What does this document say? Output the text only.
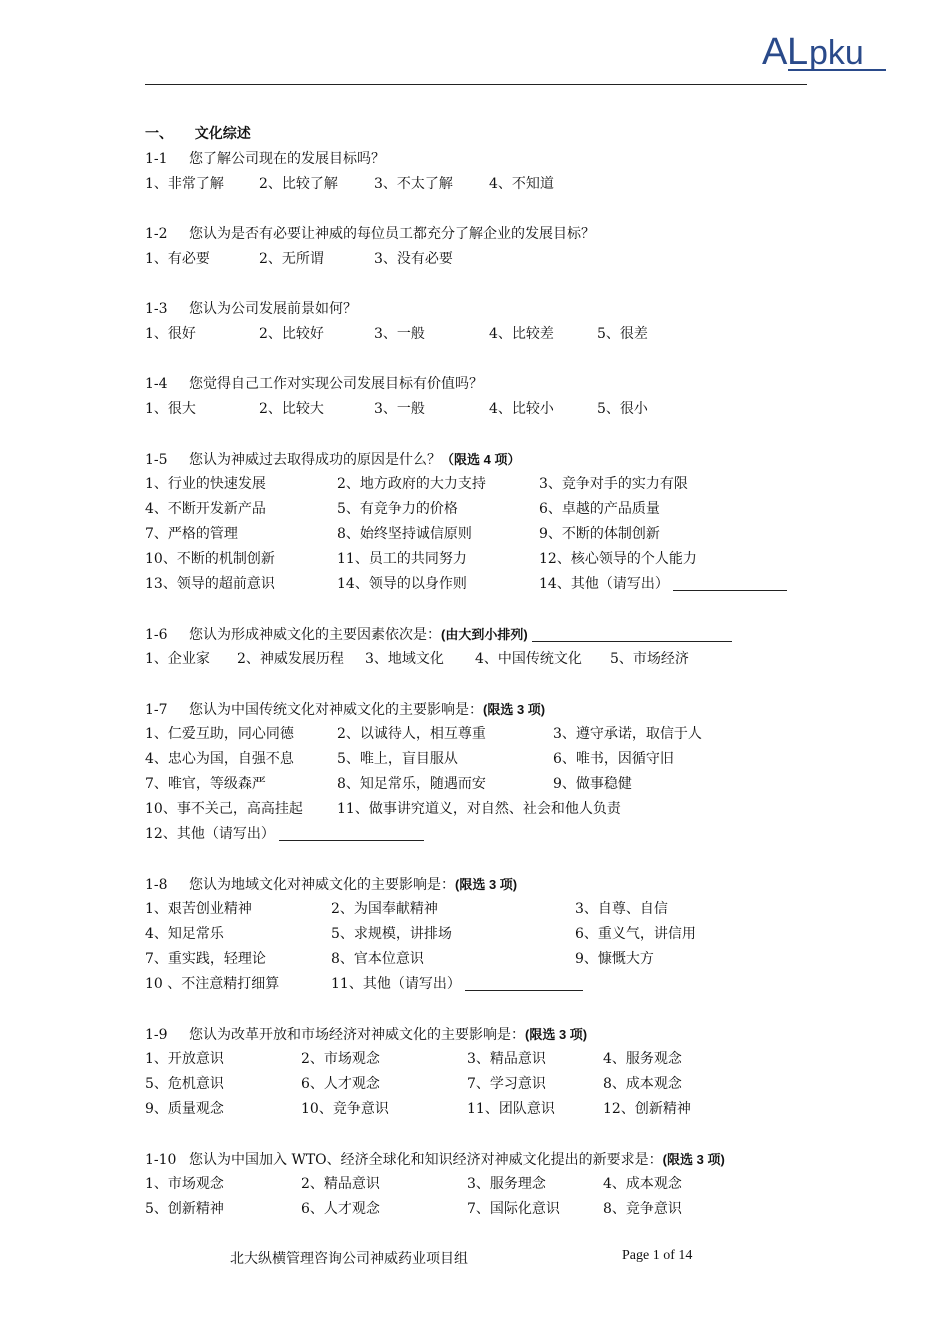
A L pku
一、 文化综述
1-1 您了解公司现在的发展目标吗？
1、非常了解	2、比较了解	3、不太了解	4、不知道
1-2 您认为是否有必要让神威的每位员工都充分了解企业的发展目标？
1、有必要	2、无所谓	3、没有必要
1-3 您认为公司发展前景如何？
1、很好	2、比较好	3、一般	4、比较差	5、很差
1-4 您觉得自己工作对实现公司发展目标有价值吗？
1、很大	2、比较大	3、一般	4、比较小	5、很小
1-5 您认为神威过去取得成功的原因是什么？（限选 4 项）
1、行业的快速发展	2、地方政府的大力支持	3、竞争对手的实力有限
4、不断开发新产品	5、有竞争力的价格	6、卓越的产品质量
7、严格的管理	8、始终坚持诚信原则	9、不断的体制创新
10、不断的机制创新	11、员工的共同努力	12、核心领导的个人能力
13、领导的超前意识	14、领导的以身作则	14、其他（请写出）
1-6 您认为形成神威文化的主要因素依次是：(由大到小排列)
1、企业家 2、神威发展历程 3、地域文化 4、中国传统文化 5、市场经济
1-7 您认为中国传统文化对神威文化的主要影响是：(限选 3 项)
1、仁爱互助，同心同德	2、以诚待人，相互尊重	3、遵守承诺，取信于人
4、忠心为国，自强不息	5、唯上，盲目服从	6、唯书，因循守旧
7、唯官，等级森严	8、知足常乐，随遇而安	9、做事稳健
10、事不关己，高高挂起 11、做事讲究道义，对自然、社会和他人负责
12、其他（请写出）
1-8 您认为地域文化对神威文化的主要影响是：(限选 3 项)
1、艰苦创业精神	2、为国奉献精神	3、自尊、自信
4、知足常乐	5、求规模，讲排场	6、重义气，讲信用
7、重实践，轻理论	8、官本位意识	9、慷慨大方
10 、不注意精打细算	11、其他（请写出）
1-9 您认为改革开放和市场经济对神威文化的主要影响是：(限选 3 项)
1、开放意识	2、市场观念	3、精品意识	4、服务观念
5、危机意识	6、人才观念	7、学习意识	8、成本观念
9、质量观念	10、竞争意识	11、团队意识	12、创新精神
1-10 您认为中国加入 WTO、经济全球化和知识经济对神威文化提出的新要求是：(限选 3 项)
1、市场观念	2、精品意识	3、服务理念	4、成本观念
5、创新精神	6、人才观念	7、国际化意识	8、竞争意识
北大纵横管理咨询公司神威药业项目组	Page 1 of 14
